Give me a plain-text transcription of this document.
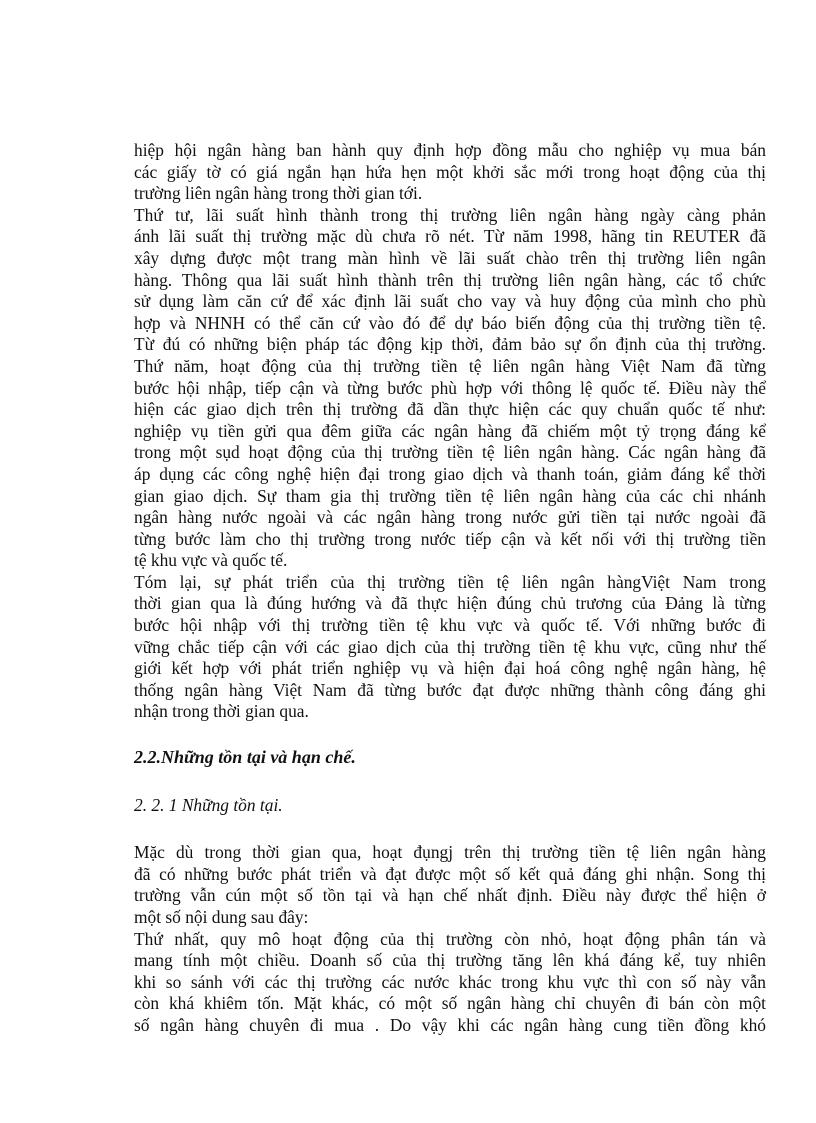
hiệp hội ngân hàng ban hành quy định hợp đồng mẫu cho nghiệp vụ mua bán
các giấy tờ có giá ngắn hạn hứa hẹn một khởi sắc mới trong hoạt động của thị
trường liên ngân hàng trong thời gian tới.
Thứ tư, lãi suất hình thành trong thị trường liên ngân hàng ngày càng phản
ánh lãi suất thị trường mặc dù chưa rõ nét. Từ năm 1998, hãng tin REUTER đã
xây dựng được một trang màn hình về lãi suất chào trên thị trường liên ngân
hàng. Thông qua lãi suất hình thành trên thị trường liên ngân hàng, các tổ chức
sử dụng làm căn cứ để xác định lãi suất cho vay và huy động của mình cho phù
hợp và NHNH có thể căn cứ vào đó để dự báo biến động của thị trường tiền tệ.
Từ đú có những biện pháp tác động kịp thời, đảm bảo sự ổn định của thị trường.
Thứ năm, hoạt động của thị trường tiền tệ liên ngân hàng Việt Nam đã từng
bước hội nhập, tiếp cận và từng bước phù hợp với thông lệ quốc tế. Điều này thể
hiện các giao dịch trên thị trường đã dần thực hiện các quy chuẩn quốc tế như:
nghiệp vụ tiền gửi qua đêm giữa các ngân hàng đã chiếm một tỷ trọng đáng kể
trong một sụd hoạt động của thị trường tiền tệ liên ngân hàng. Các ngân hàng đã
áp dụng các công nghệ hiện đại trong giao dịch và thanh toán, giảm đáng kể thời
gian giao dịch. Sự tham gia thị trường tiền tệ liên ngân hàng của các chi nhánh
ngân hàng nước ngoài và các ngân hàng trong nước gửi tiền tại nước ngoài đã
từng bước làm cho thị trường trong nước tiếp cận và kết nối với thị trường tiền
tệ khu vực và quốc tế.
Tóm lại, sự phát triển của thị trường tiền tệ liên ngân hàngViệt Nam trong
thời gian qua là đúng hướng và đã thực hiện đúng chủ trương của Đảng là từng
bước hội nhập với thị trường tiền tệ khu vực và quốc tế. Với những bước đi
vững chắc tiếp cận với các giao dịch của thị trường tiền tệ khu vực, cũng như thế
giới kết hợp với phát triển nghiệp vụ và hiện đại hoá công nghệ ngân hàng, hệ
thống ngân hàng Việt Nam đã từng bước đạt được những thành công đáng ghi
nhận trong thời gian qua.
2.2.Những tồn tại và hạn chế.
2. 2. 1 Những tồn tại.
Mặc dù trong thời gian qua, hoạt đụngj trên thị trường tiền tệ liên ngân hàng
đã có những bước phát triển và đạt được một số kết quả đáng ghi nhận. Song thị
trường vẫn cún một số tồn tại và hạn chế nhất định. Điều này được thể hiện ở
một số nội dung sau đây:
Thứ nhất, quy mô hoạt động của thị trường còn nhỏ, hoạt động phân tán và
mang tính một chiều. Doanh số của thị trường tăng lên khá đáng kể, tuy nhiên
khi so sánh với các thị trường các nước khác trong khu vực thì con số này vẫn
còn khá khiêm tốn. Mặt khác, có một số ngân hàng chỉ chuyên đi bán còn một
số ngân hàng chuyên đi mua . Do vậy khi các ngân hàng cung tiền đồng khó
